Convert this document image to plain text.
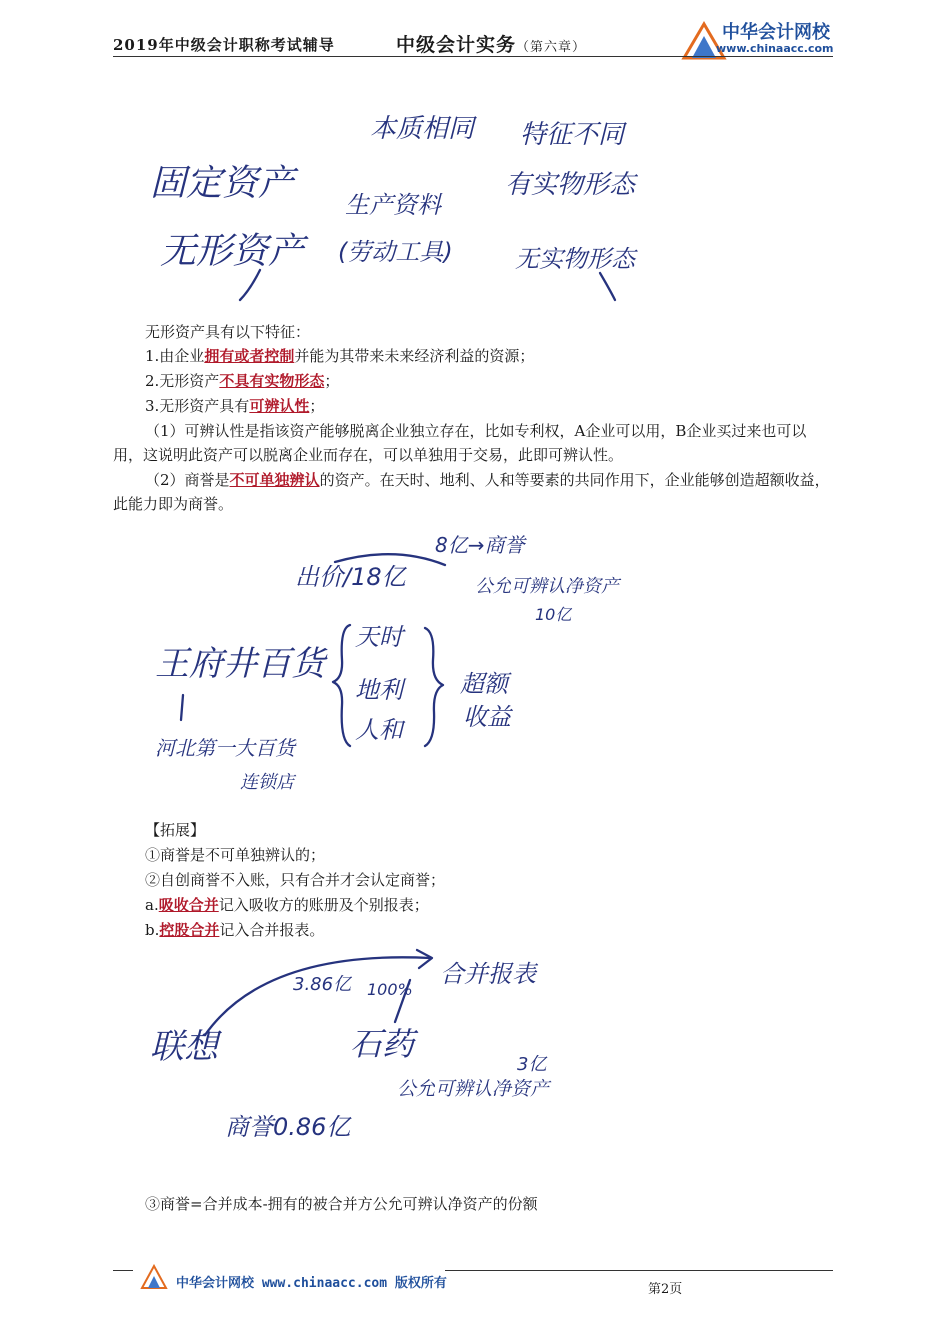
2019年中级会计职称考试辅导	中级会计实务（第六章）
中华会计网校
www.chinaacc.com
本质相同 特征不同
固定资产
生产资料
有实物形态
无形资产 (劳动工具)	无实物形态
无形资产具有以下特征：
1.由企业拥有或者控制并能为其带来未来经济利益的资源；
2.无形资产不具有实物形态；
3.无形资产具有可辨认性；
（1）可辨认性是指该资产能够脱离企业独立存在，比如专利权，A企业可以用，B企业买过来也可以用，这说明此资产可以脱离企业而存在，可以单独用于交易，此即可辨认性。
（2）商誉是不可单独辨认的资产。在天时、地利、人和等要素的共同作用下，企业能够创造超额收益，此能力即为商誉。
8亿→商誉
出价/18亿	公允可辨认净资产
10亿
王府井百货
天时
地利
人和
超额
收益
河北第一大百货
连锁店
【拓展】
①商誉是不可单独辨认的；
②自创商誉不入账，只有合并才会认定商誉；
a.吸收合并记入吸收方的账册及个别报表；
b.控股合并记入合并报表。
3.86亿 100%
合并报表
联想	石药
公允可辨认净资产
3亿
商誉0.86亿
③商誉=合并成本-拥有的被合并方公允可辨认净资产的份额
中华会计网校 www.chinaacc.com 版权所有	第2页
